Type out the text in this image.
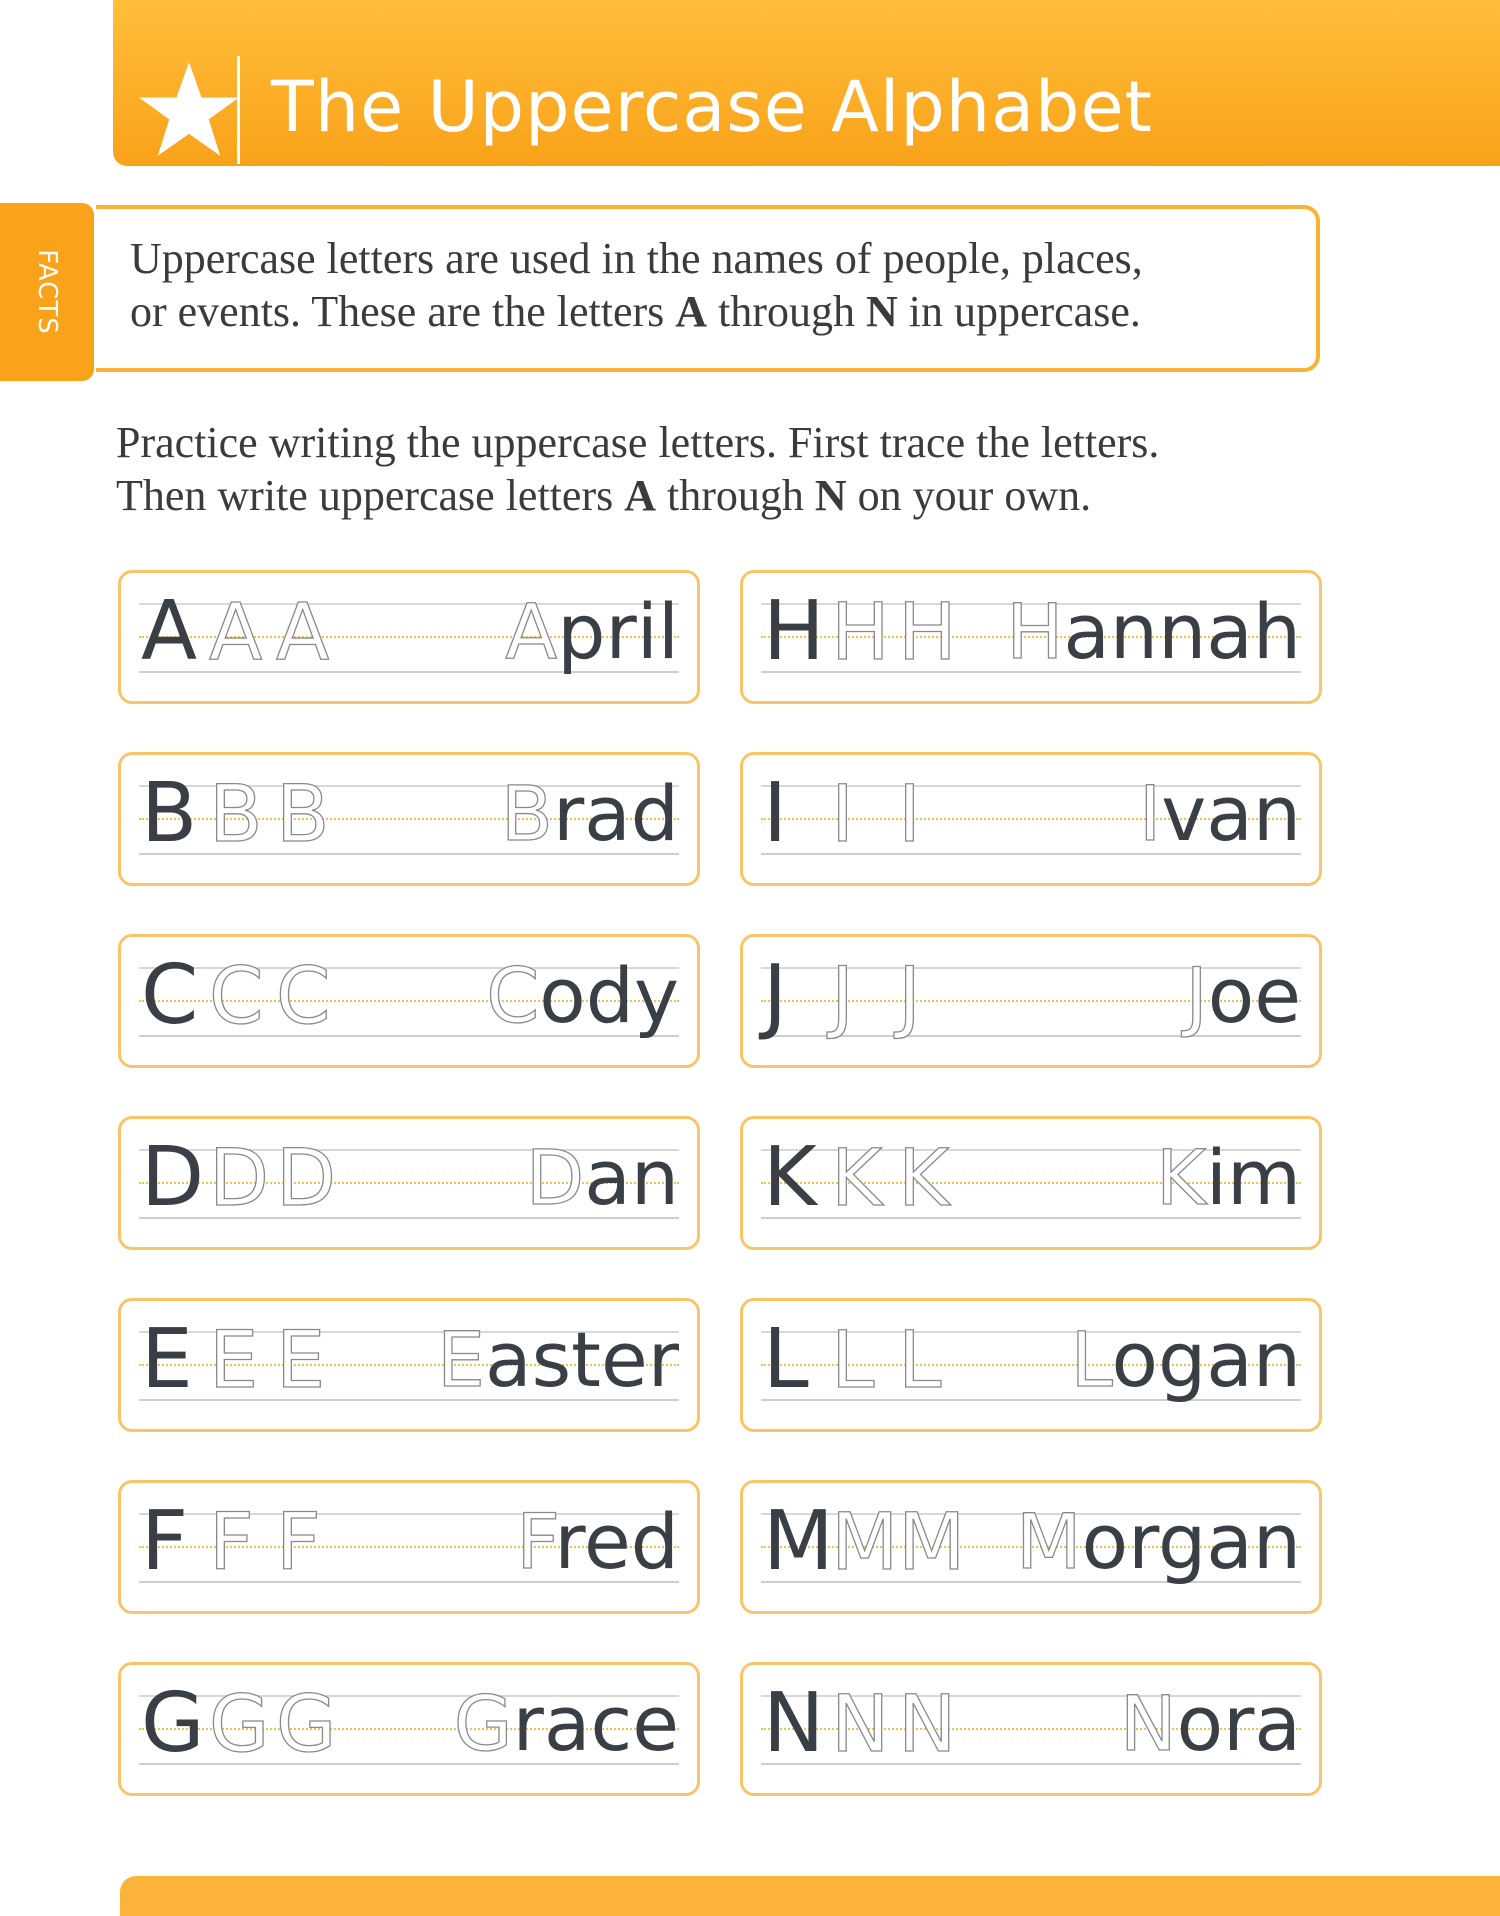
The Uppercase Alphabet
FACTS Uppercase letters are used in the names of people, places,
or events. These are the letters A through N in uppercase.
Practice writing the uppercase letters. First trace the letters.
Then write uppercase letters A through N on your own.
A A A April
B B B Brad
C C C Cody
D D D Dan
E E E Easter
F F F	Fred
G G G Grace
H H H Hannah
I I I	Ivan
J J J	Joe
K K K	Kim
L L L Logan
M
M M Morgan
N N N Nora
